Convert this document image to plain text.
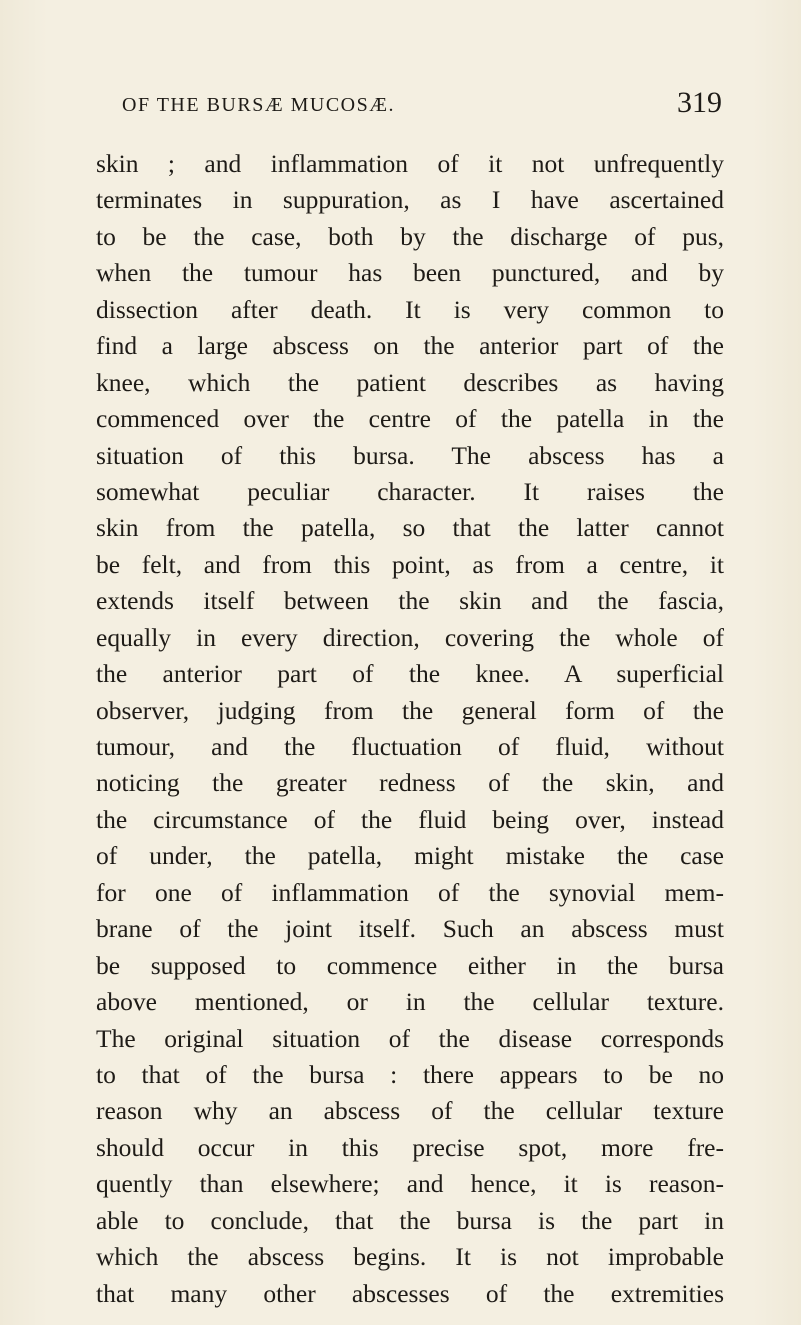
OF THE BURSÆ MUCOSÆ.	319
skin ; and inflammation of it not unfrequently
terminates in suppuration, as I have ascertained
to be the case, both by the discharge of pus,
when the tumour has been punctured, and by
dissection after death. It is very common to
find a large abscess on the anterior part of the
knee, which the patient describes as having
commenced over the centre of the patella in the
situation of this bursa. The abscess has a
somewhat peculiar character. It raises the
skin from the patella, so that the latter cannot
be felt, and from this point, as from a centre, it
extends itself between the skin and the fascia,
equally in every direction, covering the whole of
the anterior part of the knee. A superficial
observer, judging from the general form of the
tumour, and the fluctuation of fluid, without
noticing the greater redness of the skin, and
the circumstance of the fluid being over, instead
of under, the patella, might mistake the case
for one of inflammation of the synovial mem-
brane of the joint itself. Such an abscess must
be supposed to commence either in the bursa
above mentioned, or in the cellular texture.
The original situation of the disease corresponds
to that of the bursa : there appears to be no
reason why an abscess of the cellular texture
should occur in this precise spot, more fre-
quently than elsewhere; and hence, it is reason-
able to conclude, that the bursa is the part in
which the abscess begins. It is not improbable
that many other abscesses of the extremities
